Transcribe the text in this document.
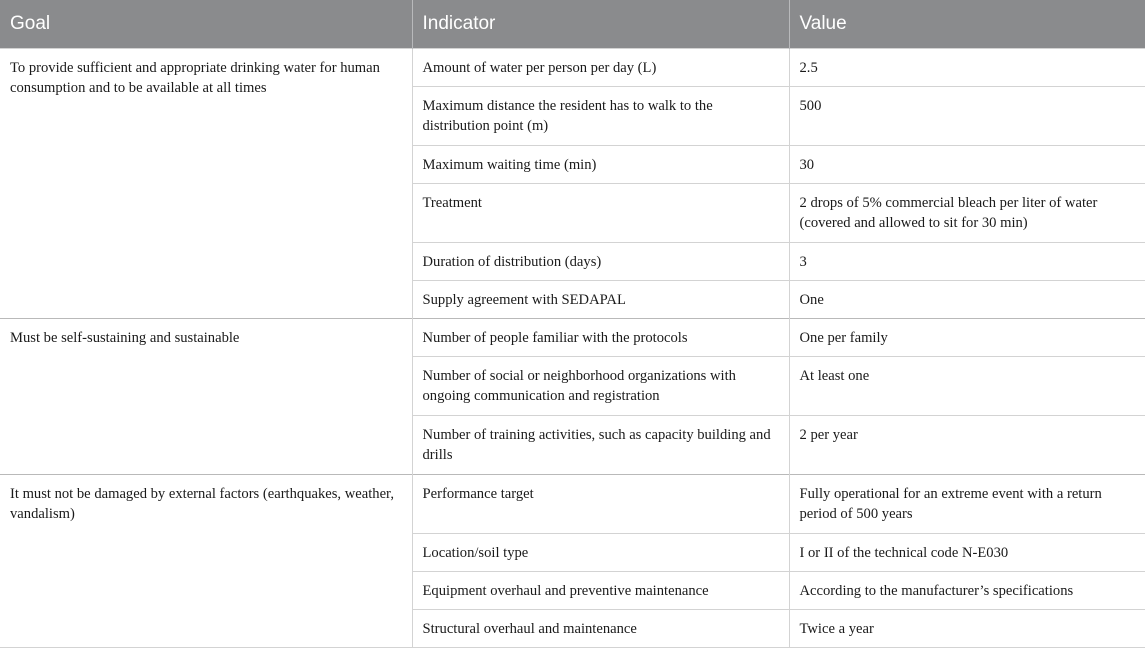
Goal	Indicator	Value
To provide sufficient and appropriate drinking water for human consumption and to be available at all times	Amount of water per person per day (L)	2.5
	Maximum distance the resident has to walk to the distribution point (m)	500
	Maximum waiting time (min)	30
	Treatment	2 drops of 5% commercial bleach per liter of water (covered and allowed to sit for 30 min)
	Duration of distribution (days)	3
	Supply agreement with SEDAPAL	One
Must be self-sustaining and sustainable	Number of people familiar with the protocols	One per family
	Number of social or neighborhood organizations with ongoing communication and registration	At least one
	Number of training activities, such as capacity building and drills	2 per year
It must not be damaged by external factors (earthquakes, weather, vandalism)	Performance target	Fully operational for an extreme event with a return period of 500 years
	Location/soil type	I or II of the technical code N-E030
	Equipment overhaul and preventive maintenance	According to the manufacturer’s specifications
	Structural overhaul and maintenance	Twice a year
